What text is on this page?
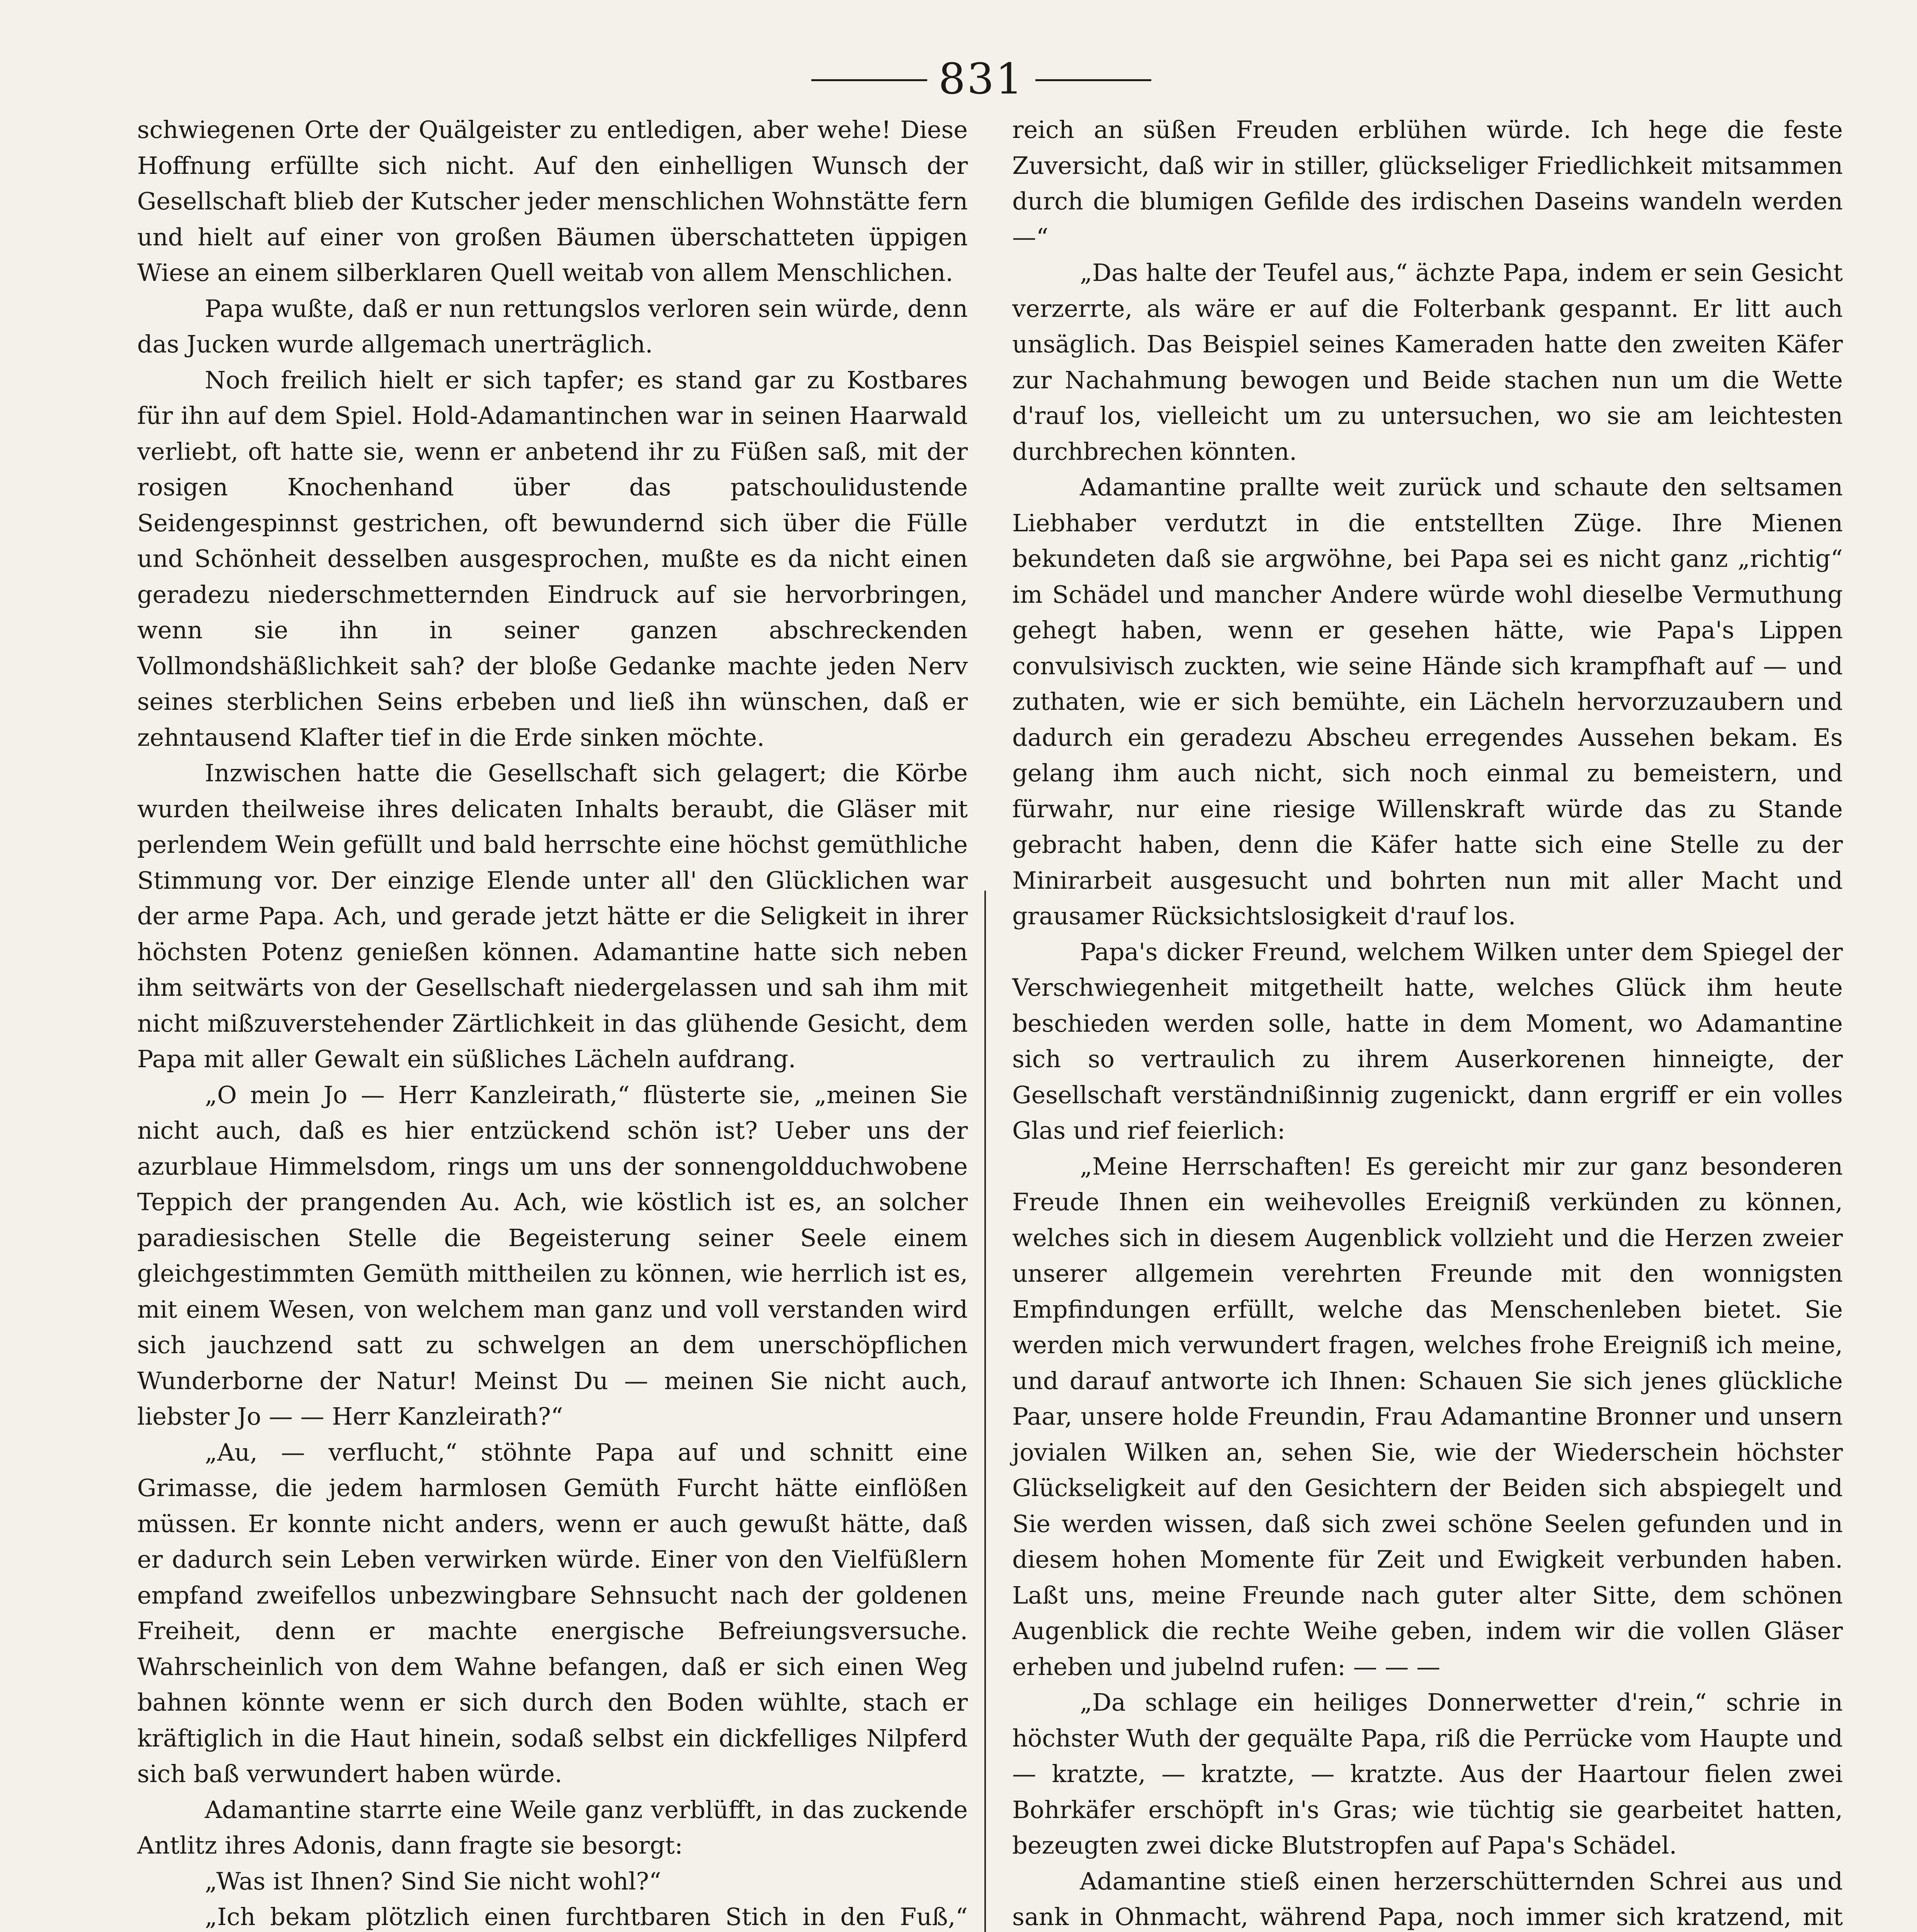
831

schwiegenen Orte der Quälgeister zu entledigen, aber wehe! Diese Hoffnung erfüllte sich nicht. Auf den einhelligen Wunsch der Gesellschaft blieb der Kutscher jeder menschlichen Wohnstätte fern und hielt auf einer von großen Bäumen überschatteten üppigen Wiese an einem silberklaren Quell weitab von allem Menschlichen.

Papa wußte, daß er nun rettungslos verloren sein würde, denn das Jucken wurde allgemach unerträglich.

Noch freilich hielt er sich tapfer; es stand gar zu Kostbares für ihn auf dem Spiel. Hold-Adamantinchen war in seinen Haarwald verliebt, oft hatte sie, wenn er anbetend ihr zu Füßen saß, mit der rosigen Knochenhand über das patschoulidustende Seidengespinnst gestrichen, oft bewundernd sich über die Fülle und Schönheit desselben ausgesprochen, mußte es da nicht einen geradezu niederschmetternden Eindruck auf sie hervorbringen, wenn sie ihn in seiner ganzen abschreckenden Vollmondshäßlichkeit sah? der bloße Gedanke machte jeden Nerv seines sterblichen Seins erbeben und ließ ihn wünschen, daß er zehntausend Klafter tief in die Erde sinken möchte.

Inzwischen hatte die Gesellschaft sich gelagert; die Körbe wurden theilweise ihres delicaten Inhalts beraubt, die Gläser mit perlendem Wein gefüllt und bald herrschte eine höchst gemüthliche Stimmung vor. Der einzige Elende unter all' den Glücklichen war der arme Papa. Ach, und gerade jetzt hätte er die Seligkeit in ihrer höchsten Potenz genießen können. Adamantine hatte sich neben ihm seitwärts von der Gesellschaft niedergelassen und sah ihm mit nicht mißzuverstehender Zärtlichkeit in das glühende Gesicht, dem Papa mit aller Gewalt ein süßliches Lächeln aufdrang.

„O mein Jo — Herr Kanzleirath,“ flüsterte sie, „meinen Sie nicht auch, daß es hier entzückend schön ist? Ueber uns der azurblaue Himmelsdom, rings um uns der sonnengoldduchwobene Teppich der prangenden Au. Ach, wie köstlich ist es, an solcher paradiesischen Stelle die Begeisterung seiner Seele einem gleichgestimmten Gemüth mittheilen zu können, wie herrlich ist es, mit einem Wesen, von welchem man ganz und voll verstanden wird sich jauchzend satt zu schwelgen an dem unerschöpflichen Wunderborne der Natur! Meinst Du — meinen Sie nicht auch, liebster Jo — — Herr Kanzleirath?“

„Au, — verflucht,“ stöhnte Papa auf und schnitt eine Grimasse, die jedem harmlosen Gemüth Furcht hätte einflößen müssen. Er konnte nicht anders, wenn er auch gewußt hätte, daß er dadurch sein Leben verwirken würde. Einer von den Vielfüßlern empfand zweifellos unbezwingbare Sehnsucht nach der goldenen Freiheit, denn er machte energische Befreiungsversuche. Wahrscheinlich von dem Wahne befangen, daß er sich einen Weg bahnen könnte wenn er sich durch den Boden wühlte, stach er kräftiglich in die Haut hinein, sodaß selbst ein dickfelliges Nilpferd sich baß verwundert haben würde.

Adamantine starrte eine Weile ganz verblüfft, in das zuckende Antlitz ihres Adonis, dann fragte sie besorgt:

„Was ist Ihnen? Sind Sie nicht wohl?“

„Ich bekam plötzlich einen furchtbaren Stich in den Fuß,“

reich an süßen Freuden erblühen würde. Ich hege die feste Zuversicht, daß wir in stiller, glückseliger Friedlichkeit mitsammen durch die blumigen Gefilde des irdischen Daseins wandeln werden —“

„Das halte der Teufel aus,“ ächzte Papa, indem er sein Gesicht verzerrte, als wäre er auf die Folterbank gespannt. Er litt auch unsäglich. Das Beispiel seines Kameraden hatte den zweiten Käfer zur Nachahmung bewogen und Beide stachen nun um die Wette d'rauf los, vielleicht um zu untersuchen, wo sie am leichtesten durchbrechen könnten.

Adamantine prallte weit zurück und schaute den seltsamen Liebhaber verdutzt in die entstellten Züge. Ihre Mienen bekundeten daß sie argwöhne, bei Papa sei es nicht ganz „richtig“ im Schädel und mancher Andere würde wohl dieselbe Vermuthung gehegt haben, wenn er gesehen hätte, wie Papa's Lippen convulsivisch zuckten, wie seine Hände sich krampfhaft auf — und zuthaten, wie er sich bemühte, ein Lächeln hervorzuzaubern und dadurch ein geradezu Abscheu erregendes Aussehen bekam. Es gelang ihm auch nicht, sich noch einmal zu bemeistern, und fürwahr, nur eine riesige Willenskraft würde das zu Stande gebracht haben, denn die Käfer hatte sich eine Stelle zu der Minirarbeit ausgesucht und bohrten nun mit aller Macht und grausamer Rücksichtslosigkeit d'rauf los.

Papa's dicker Freund, welchem Wilken unter dem Spiegel der Verschwiegenheit mitgetheilt hatte, welches Glück ihm heute beschieden werden solle, hatte in dem Moment, wo Adamantine sich so vertraulich zu ihrem Auserkorenen hinneigte, der Gesellschaft verständnißinnig zugenickt, dann ergriff er ein volles Glas und rief feierlich:

„Meine Herrschaften! Es gereicht mir zur ganz besonderen Freude Ihnen ein weihevolles Ereigniß verkünden zu können, welches sich in diesem Augenblick vollzieht und die Herzen zweier unserer allgemein verehrten Freunde mit den wonnigsten Empfindungen erfüllt, welche das Menschenleben bietet. Sie werden mich verwundert fragen, welches frohe Ereigniß ich meine, und darauf antworte ich Ihnen: Schauen Sie sich jenes glückliche Paar, unsere holde Freundin, Frau Adamantine Bronner und unsern jovialen Wilken an, sehen Sie, wie der Wiederschein höchster Glückseligkeit auf den Gesichtern der Beiden sich abspiegelt und Sie werden wissen, daß sich zwei schöne Seelen gefunden und in diesem hohen Momente für Zeit und Ewigkeit verbunden haben. Laßt uns, meine Freunde nach guter alter Sitte, dem schönen Augenblick die rechte Weihe geben, indem wir die vollen Gläser erheben und jubelnd rufen: — — —

„Da schlage ein heiliges Donnerwetter d'rein,“ schrie in höchster Wuth der gequälte Papa, riß die Perrücke vom Haupte und — kratzte, — kratzte, — kratzte. Aus der Haartour fielen zwei Bohrkäfer erschöpft in's Gras; wie tüchtig sie gearbeitet hatten, bezeugten zwei dicke Blutstropfen auf Papa's Schädel.

Adamantine stieß einen herzerschütternden Schrei aus und sank in Ohnmacht, während Papa, noch immer sich kratzend, mit
